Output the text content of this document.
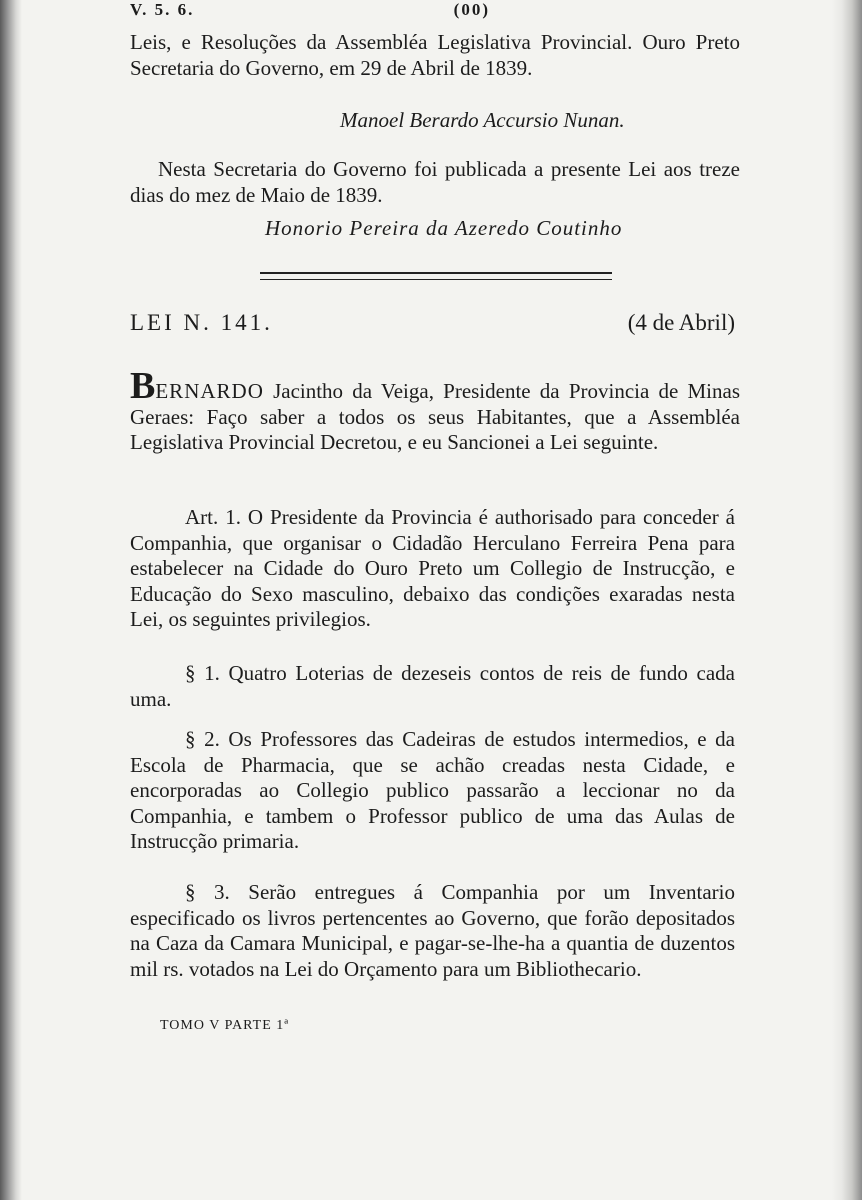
V. 5. 6.	(00)
Leis, e Resoluções da Assembléa Legislativa Provincial. Ouro Preto Secretaria do Governo, em 29 de Abril de 1839.
Manoel Berardo Accursio Nunan.
Nesta Secretaria do Governo foi publicada a presente Lei aos treze dias do mez de Maio de 1839.
Honorio Pereira da Azeredo Coutinho
LEI N. 141.	(4 de Abril)
BERNARDO Jacintho da Veiga, Presidente da Provincia de Minas Geraes: Faço saber a todos os seus Habitantes, que a Assembléa Legislativa Provincial Decretou, e eu Sancionei a Lei seguinte.
Art. 1. O Presidente da Provincia é authorisado para conceder á Companhia, que organisar o Cidadão Herculano Ferreira Pena para estabelecer na Cidade do Ouro Preto um Collegio de Instrucção, e Educação do Sexo masculino, debaixo das condições exaradas nesta Lei, os seguintes privilegios.
§ 1. Quatro Loterias de dezeseis contos de reis de fundo cada uma.
§ 2. Os Professores das Cadeiras de estudos intermedios, e da Escola de Pharmacia, que se achão creadas nesta Cidade, e encorporadas ao Collegio publico passarão a leccionar no da Companhia, e tambem o Professor publico de uma das Aulas de Instrucção primaria.
§ 3. Serão entregues á Companhia por um Inventario especificado os livros pertencentes ao Governo, que forão depositados na Caza da Camara Municipal, e pagar-se-lhe-ha a quantia de duzentos mil rs. votados na Lei do Orçamento para um Bibliothecario.
TOMO V PARTE 1ª
